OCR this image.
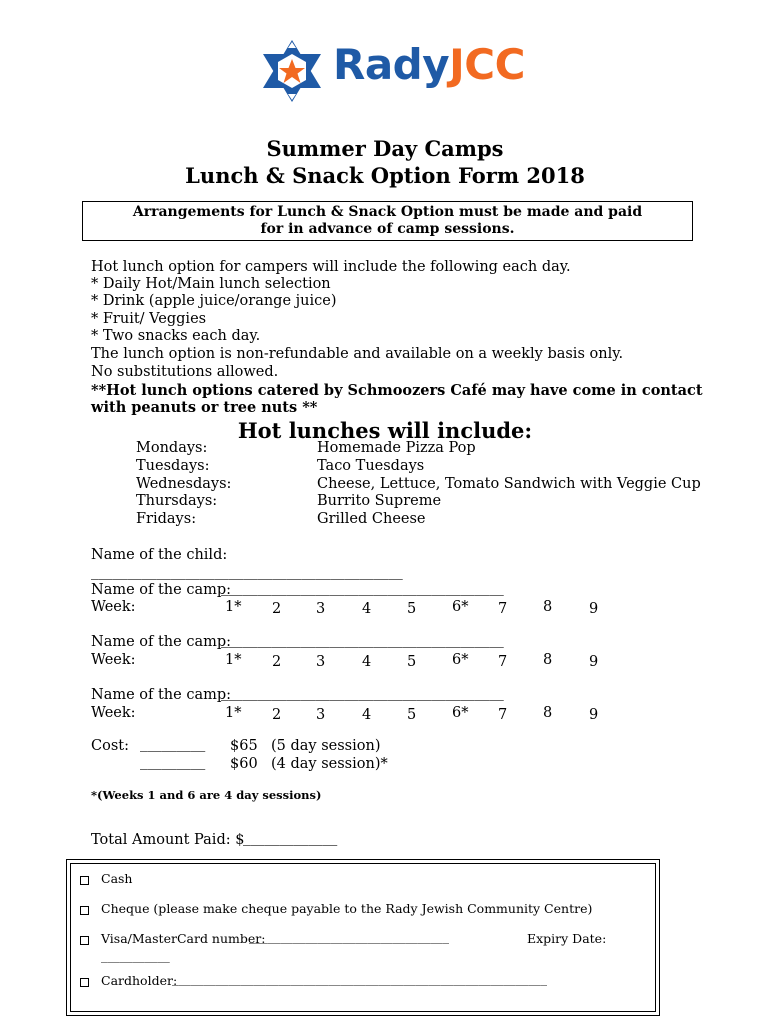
RadyJCC
Summer Day Camps
Lunch & Snack Option Form 2018
Arrangements for Lunch & Snack Option must be made and paid
for in advance of camp sessions.
Hot lunch option for campers will include the following each day.
* Daily Hot/Main lunch selection
* Drink (apple juice/orange juice)
* Fruit/ Veggies
* Two snacks each day.
The lunch option is non-refundable and available on a weekly basis only.
No substitutions allowed.
**Hot lunch options catered by Schmoozers Café may have come in contact
with peanuts or tree nuts **
Hot lunches will include:
Mondays:	Homemade Pizza Pop
Tuesdays:	Taco Tuesdays
Wednesdays:	Cheese, Lettuce, Tomato Sandwich with Veggie Cup
Thursdays:	Burrito Supreme
Fridays:	Grilled Cheese
Name of the child:
___________________________________________
Name of the camp:
_______________________________________
Week:	1* 2 3	4 5 6* 7 8	9
Name of the camp:
_______________________________________
Week:	1* 2 3	4 5 6* 7 8	9
Name of the camp:
_______________________________________
Week:	1* 2 3	4 5 6* 7 8	9
Cost: _________ $65 (5 day session)
_________ $60 (4 day session)*
*(Weeks 1 and 6 are 4 day sessions)
Total Amount Paid: $
_____________
Cash
Cheque (please make cheque payable to the Rady Jewish Community Centre)
Visa/MasterCard number:
________________________________	Expiry Date:
___________
Cardholder:
____________________________________________________________
